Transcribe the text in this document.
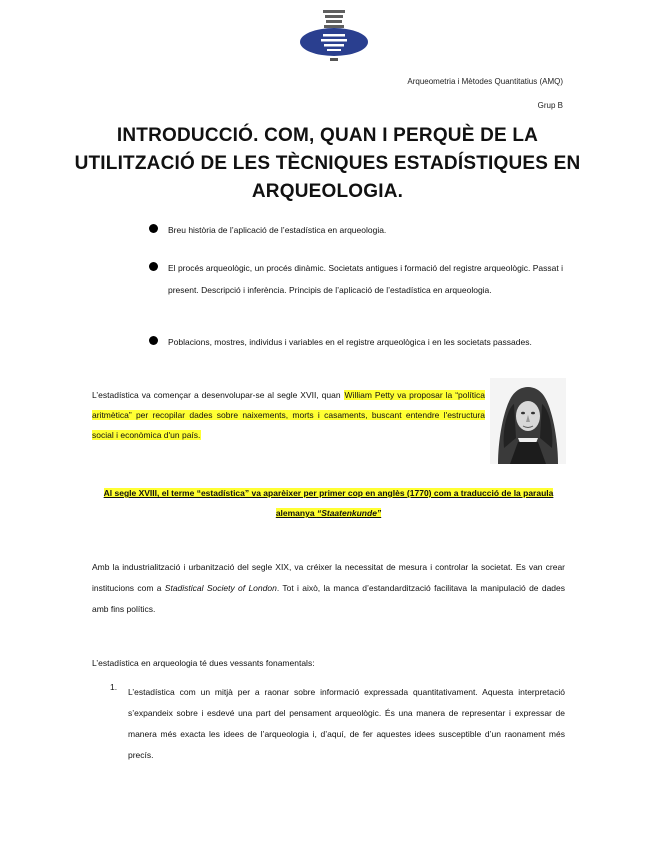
Arqueometria i Mètodes Quantitatius (AMQ)
Grup B
INTRODUCCIÓ. COM, QUAN I PERQUÈ DE LA UTILITZACIÓ DE LES TÈCNIQUES ESTADÍSTIQUES EN ARQUEOLOGIA.
Breu història de l’aplicació de l’estadística en arqueologia.
El procés arqueològic, un procés dinàmic. Societats antigues i formació del registre arqueològic. Passat i present. Descripció i inferència. Principis de l’aplicació de l’estadística en arqueologia.
Poblacions, mostres, individus i variables en el registre arqueològica i en les societats passades.
L’estadística va començar a desenvolupar-se al segle XVII, quan William Petty va proposar la “política aritmètica” per recopilar dades sobre naixements, morts i casaments, buscant entendre l'estructura social i econòmica d'un país.
Al segle XVIII, el terme “estadística” va aparèixer per primer cop en anglès (1770) com a traducció de la paraula alemanya “Staatenkunde”
Amb la industrialització i urbanització del segle XIX, va créixer la necessitat de mesura i controlar la societat. Es van crear institucions com a Stadistical Society of London. Tot i això, la manca d’estandardització facilitava la manipulació de dades amb fins polítics.
L’estadística en arqueologia té dues vessants fonamentals:
1. L’estadística com un mitjà per a raonar sobre informació expressada quantitativament. Aquesta interpretació s’expandeix sobre i esdevé una part del pensament arqueològic. És una manera de representar i expressar de manera més exacta les idees de l’arqueologia i, d’aquí, de fer aquestes idees susceptible d’un raonament més precís.
